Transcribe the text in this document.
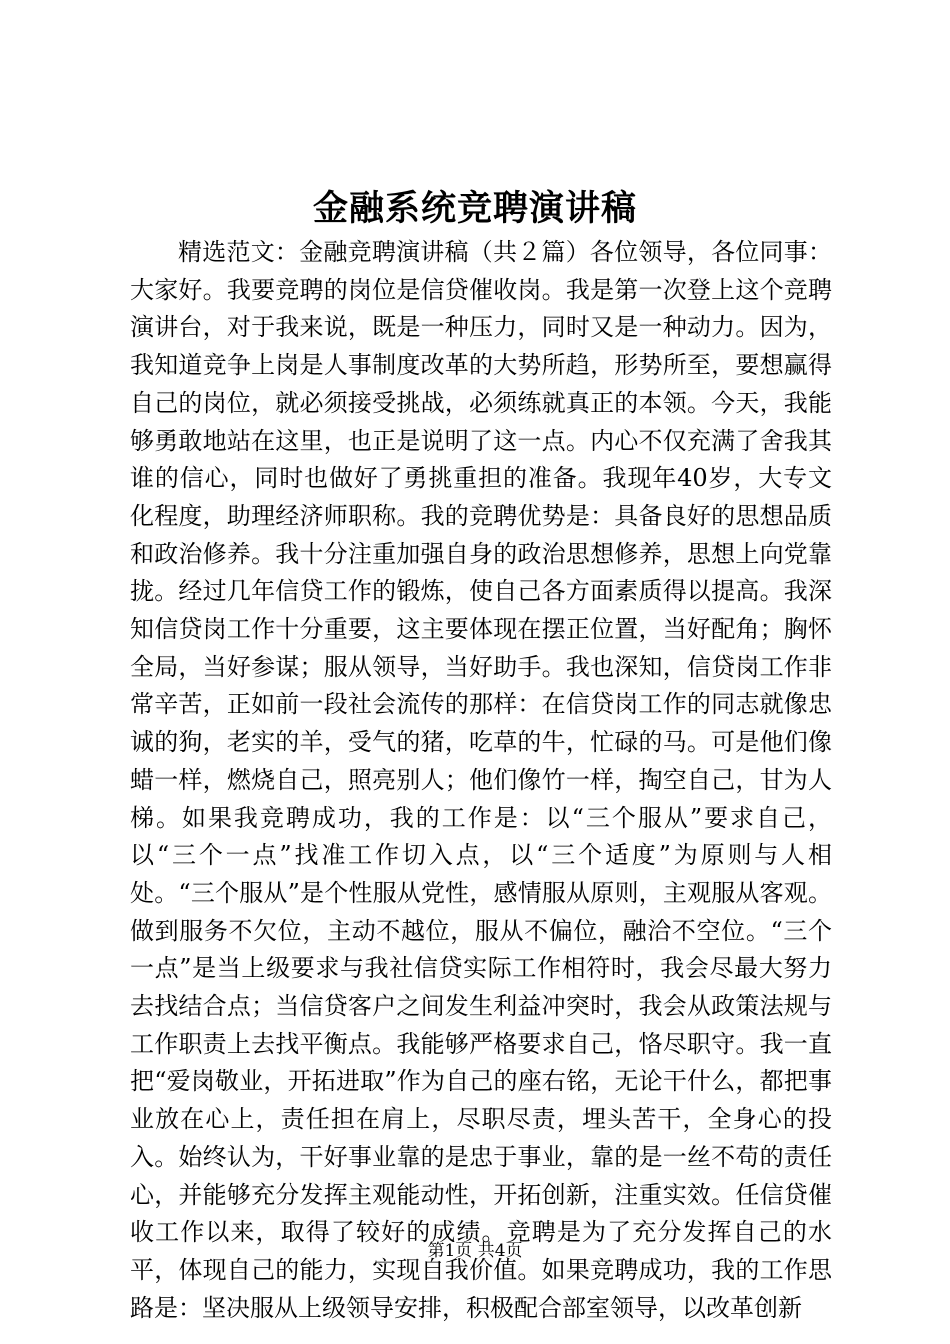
金融系统竞聘演讲稿
精选范文：金融竞聘演讲稿（共２篇）各位领导，各位同事：大家好。我要竞聘的岗位是信贷催收岗。我是第一次登上这个竞聘演讲台，对于我来说，既是一种压力，同时又是一种动力。因为，我知道竞争上岗是人事制度改革的大势所趋，形势所至，要想赢得自己的岗位，就必须接受挑战，必须练就真正的本领。今天，我能够勇敢地站在这里，也正是说明了这一点。内心不仅充满了舍我其谁的信心，同时也做好了勇挑重担的准备。我现年40岁，大专文化程度，助理经济师职称。我的竞聘优势是：具备良好的思想品质和政治修养。我十分注重加强自身的政治思想修养，思想上向党靠拢。经过几年信贷工作的锻炼，使自己各方面素质得以提高。我深知信贷岗工作十分重要，这主要体现在摆正位置，当好配角；胸怀全局，当好参谋；服从领导，当好助手。我也深知，信贷岗工作非常辛苦，正如前一段社会流传的那样：在信贷岗工作的同志就像忠诚的狗，老实的羊，受气的猪，吃草的牛，忙碌的马。可是他们像蜡一样，燃烧自己，照亮别人；他们像竹一样，掏空自己，甘为人梯。如果我竞聘成功，我的工作是：以“三个服从”要求自己，以“三个一点”找准工作切入点，以“三个适度”为原则与人相处。“三个服从”是个性服从党性，感情服从原则，主观服从客观。做到服务不欠位，主动不越位，服从不偏位，融洽不空位。“三个一点”是当上级要求与我社信贷实际工作相符时，我会尽最大努力去找结合点；当信贷客户之间发生利益冲突时，我会从政策法规与工作职责上去找平衡点。我能够严格要求自己，恪尽职守。我一直把“爱岗敬业，开拓进取”作为自己的座右铭，无论干什么，都把事业放在心上，责任担在肩上，尽职尽责，埋头苦干，全身心的投入。始终认为，干好事业靠的是忠于事业，靠的是一丝不苟的责任心，并能够充分发挥主观能动性，开拓创新，注重实效。任信贷催收工作以来，取得了较好的成绩。竞聘是为了充分发挥自己的水平，体现自己的能力，实现自我价值。如果竞聘成功，我的工作思路是：坚决服从上级领导安排，积极配合部室领导，以改革创新
第1页 共4页
